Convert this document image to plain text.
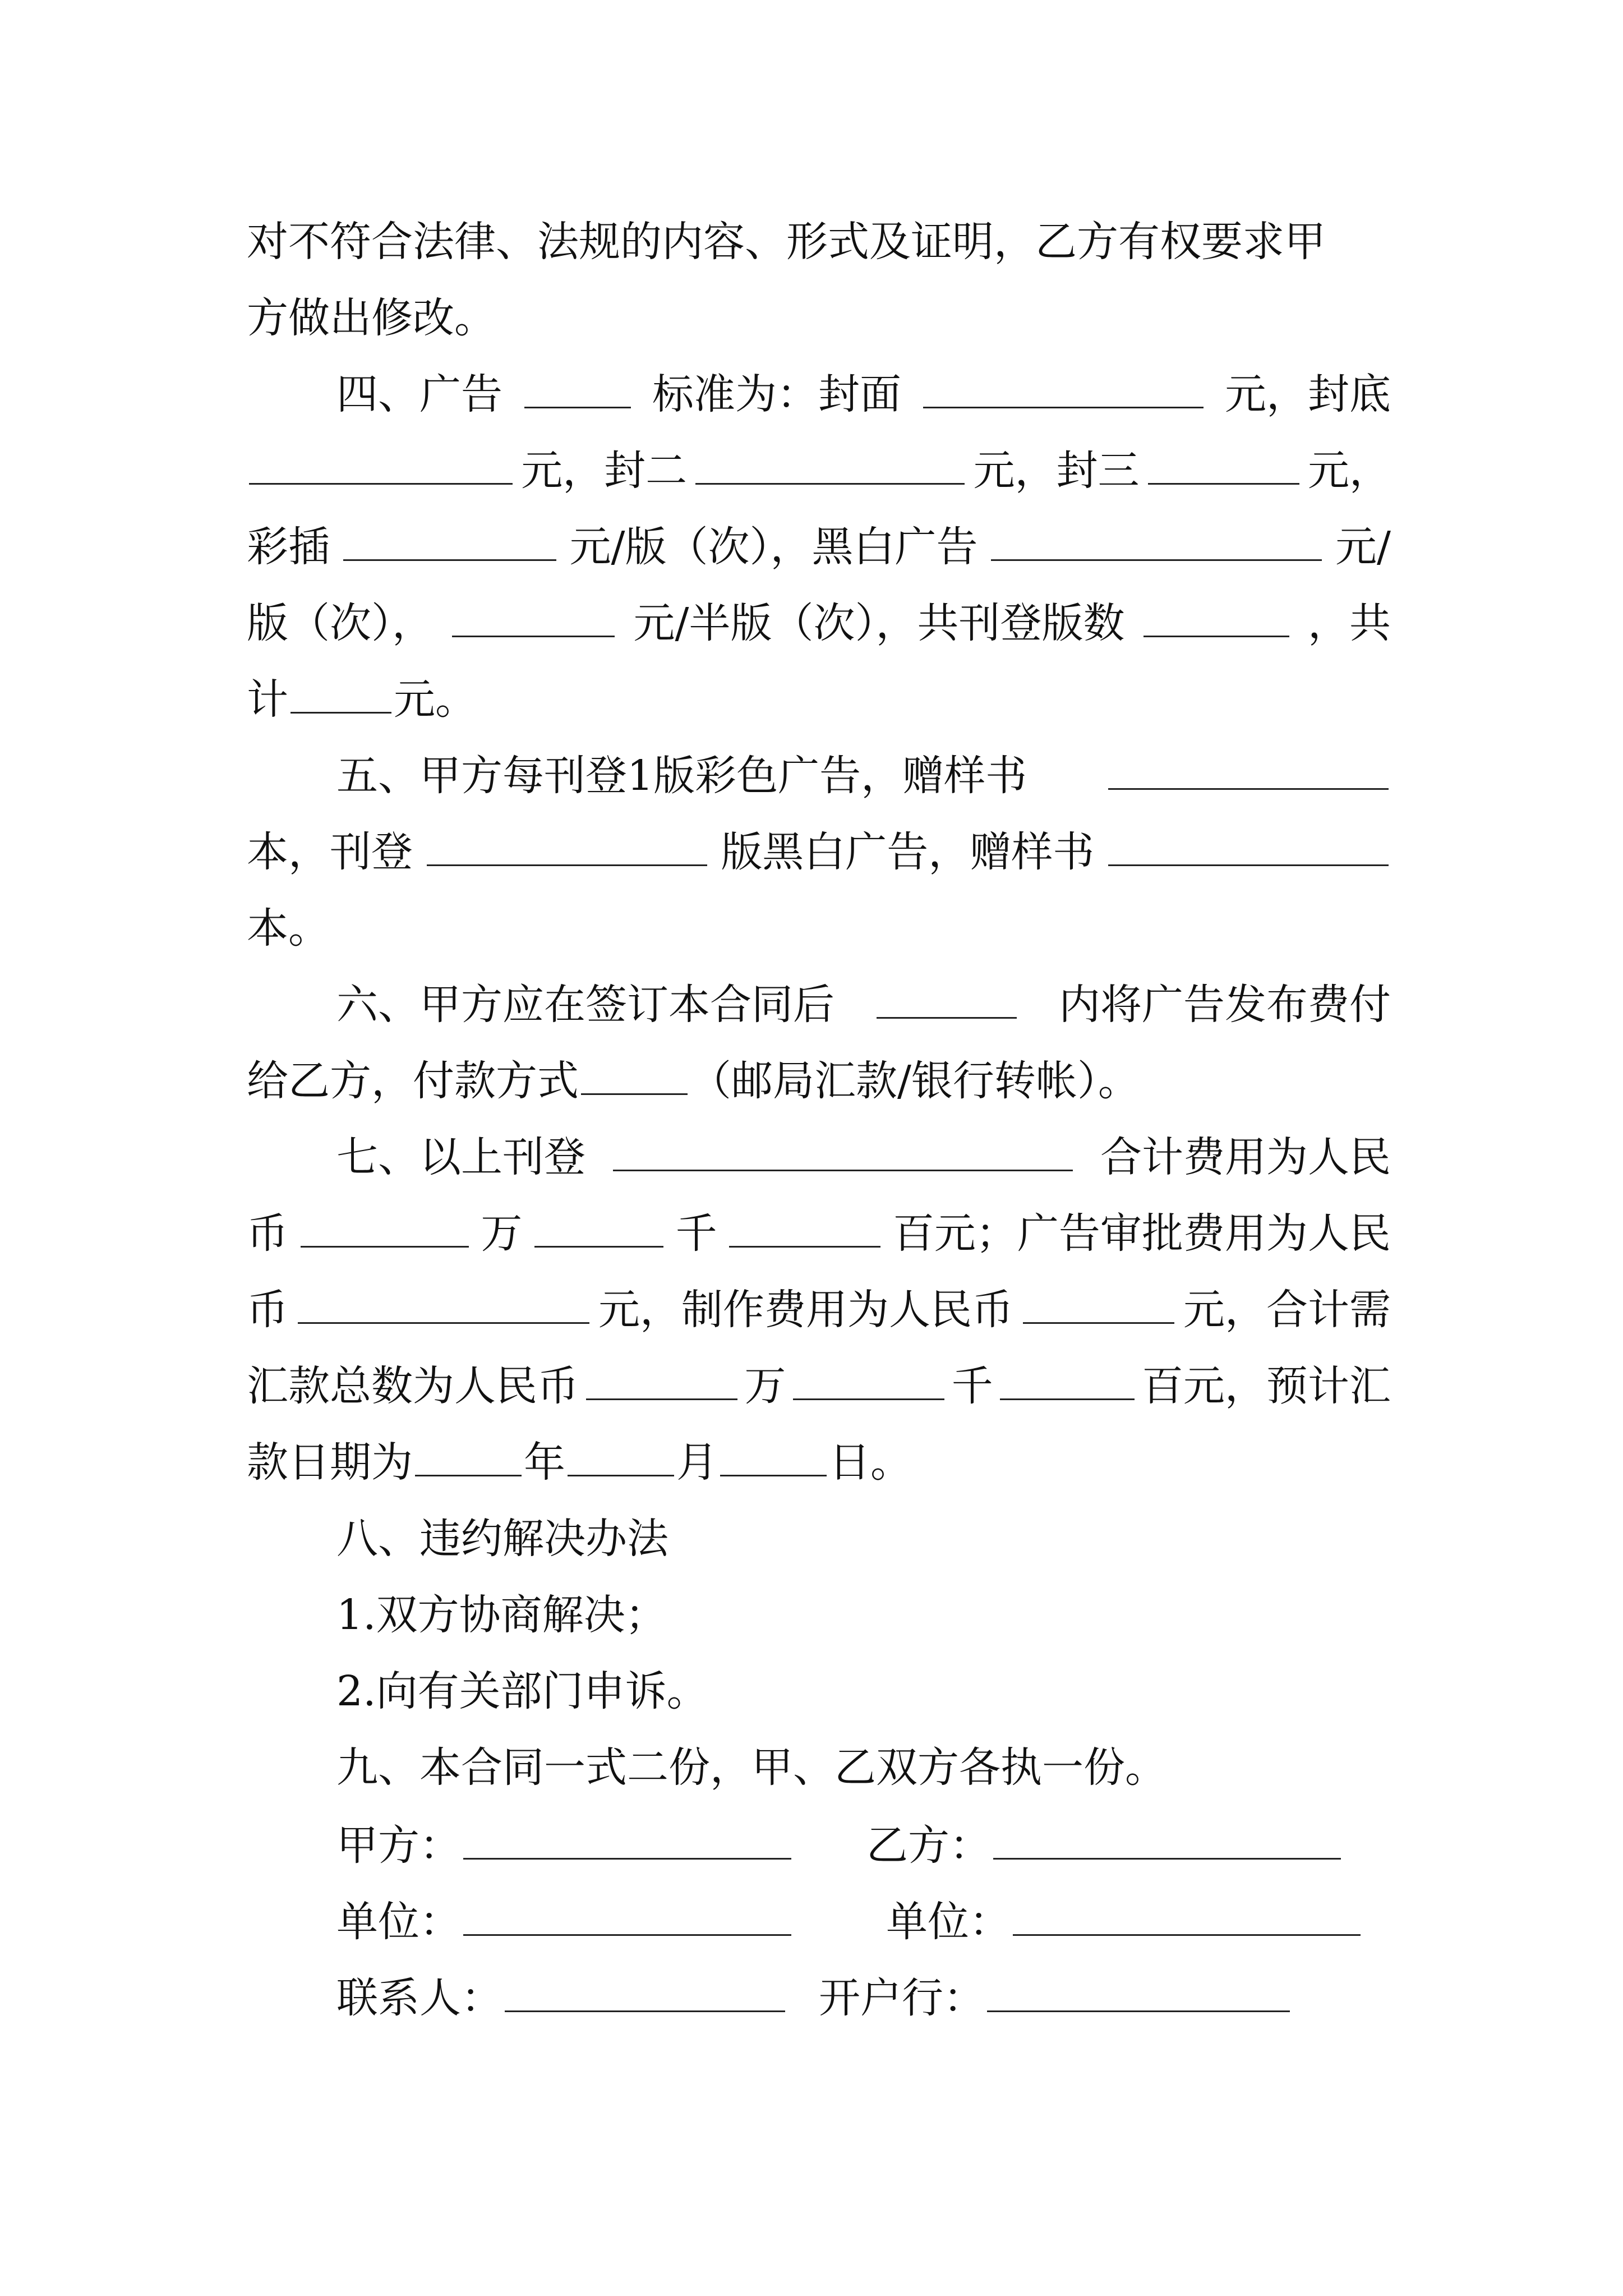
对不符合法律、法规的内容、形式及证明，乙方有权要求甲
方做出修改。
四、广告	标准为：封面	元，封底
元，封二	元，封三	元，
彩插	元/版（次），黑白广告	元/
版（次），	元/半版（次），共刊登版数	，共
计	元。
五、甲方每刊登1版彩色广告，赠样书
本，刊登	版黑白广告，赠样书
本。
六、甲方应在签订本合同后	内将广告发布费付
给乙方，付款方式	（邮局汇款/银行转帐）。
七、以上刊登	合计费用为人民
币	万	千	百元；广告审批费用为人民
币	元，制作费用为人民币	元，合计需
汇款总数为人民币	万	千	百元，预计汇
款日期为	年	月	日。
八、违约解决办法
1.双方协商解决；
2.向有关部门申诉。
九、本合同一式二份，甲、乙双方各执一份。
甲方：	乙方：
单位：	单位：
联系人：	开户行：
